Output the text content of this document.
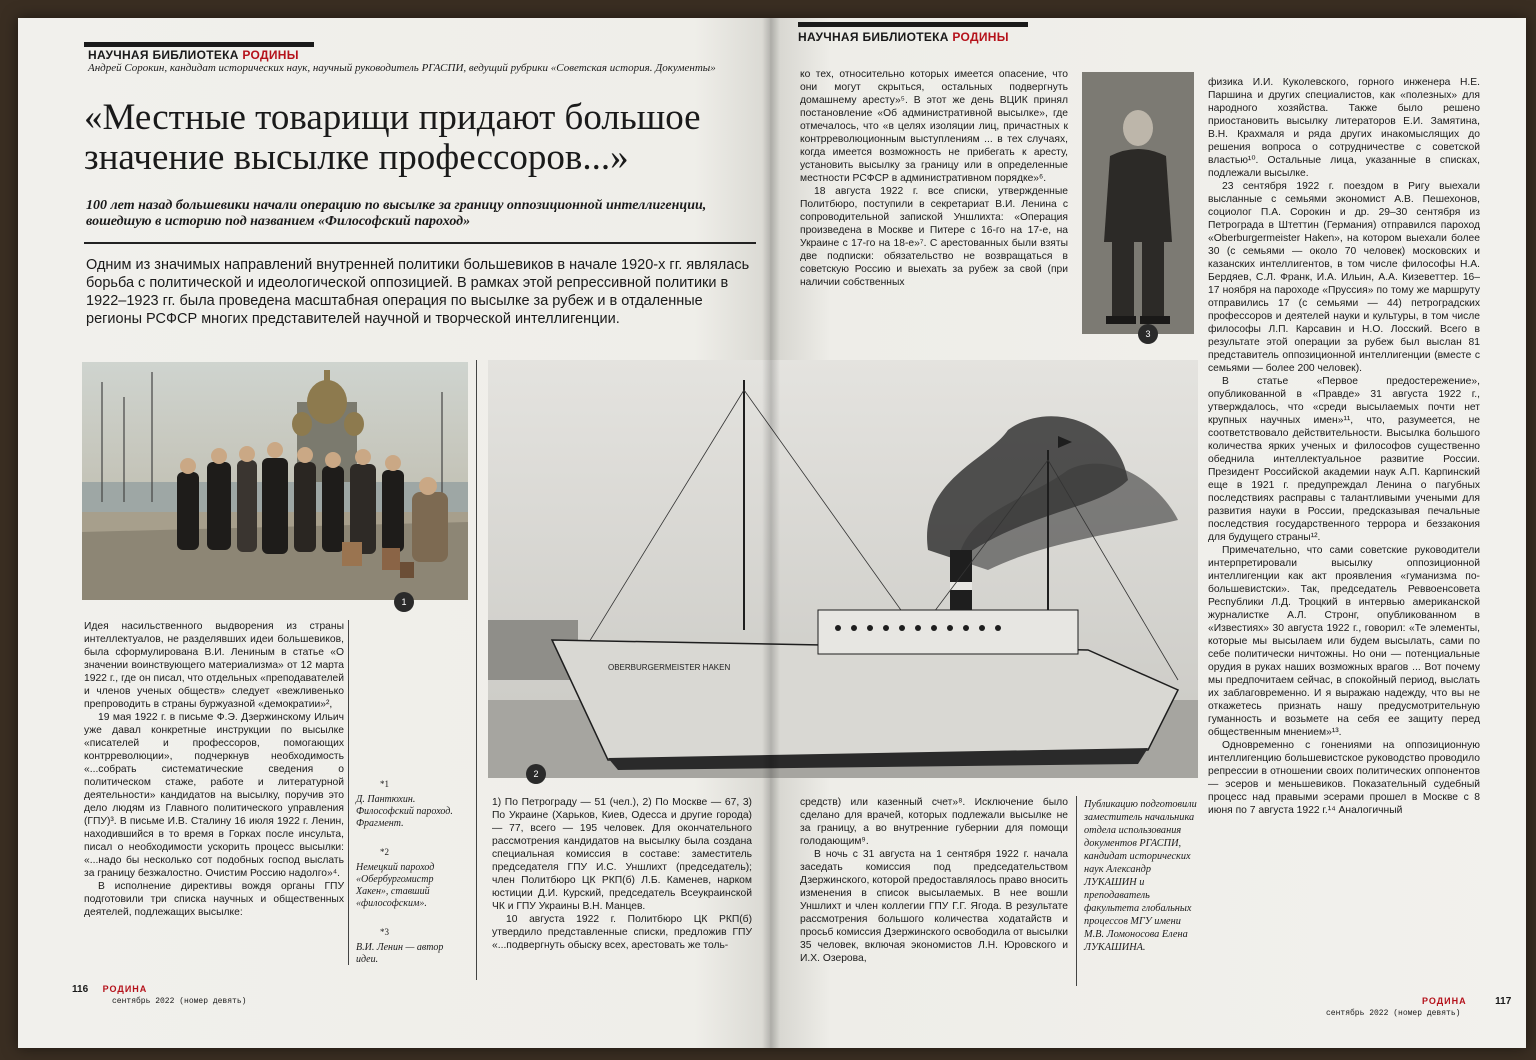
НАУЧНАЯ БИБЛИОТЕКА РОДИНЫ
Андрей Сорокин, кандидат исторических наук, научный руководитель РГАСПИ, ведущий рубрики «Советская история. Документы»
«Местные товарищи придают большое значение высылке профессоров...»
100 лет назад большевики начали операцию по высылке за границу оппозиционной интеллигенции, вошедшую в историю под названием «Философский пароход»
Одним из значимых направлений внутренней политики большевиков в начале 1920-х гг. являлась борьба с политической и идеологической оппозицией. В рамках этой репрессивной политики в 1922–1923 гг. была проведена масштабная операция по высылке за рубеж и в отдаленные регионы РСФСР многих представителей научной и творческой интеллигенции.
1

Идея насильственного выдворения из страны интеллектуалов, не разделявших идеи большевиков, была сформулирована В.И. Лениным в статье «О значении воинствующего материализма» от 12 марта 1922 г., где он писал, что отдельных «преподавателей и членов ученых обществ» следует «вежливенько препроводить в страны буржуазной «демократии»²,

19 мая 1922 г. в письме Ф.Э. Дзержинскому Ильич уже давал конкретные инструкции по высылке «писателей и профессоров, помогающих контрреволюции», подчеркнув необходимость «...собрать систематические сведения о политическом стаже, работе и литературной деятельности» кандидатов на высылку, поручив это дело людям из Главного политического управления (ГПУ)³. В письме И.В. Сталину 16 июля 1922 г. Ленин, находившийся в то время в Горках после инсульта, писал о необходимости ускорить процесс высылки: «...надо бы несколько сот подобных господ выслать за границу безжалостно. Очистим Россию надолго»⁴.

В исполнение директивы вождя органы ГПУ подготовили три списка научных и общественных деятелей, подлежащих высылке:

*1
Д. Пантюхин. Философский пароход. Фрагмент.
*2
Немецкий пароход «Обербургомистр Хакен», ставший «философским».
*3
В.И. Ленин — автор идеи.

1) По Петрограду — 51 (чел.), 2) По Москве — 67, 3) По Украине (Харьков, Киев, Одесса и другие города) — 77, всего — 195 человек. Для окончательного рассмотрения кандидатов на высылку была создана специальная комиссия в составе: заместитель председателя ГПУ И.С. Уншлихт (председатель); член Политбюро ЦК РКП(б) Л.Б. Каменев, нарком юстиции Д.И. Курский, председатель Всеукраинской ЧК и ГПУ Украины В.Н. Манцев.

10 августа 1922 г. Политбюро ЦК РКП(б) утвердило представленные списки, предложив ГПУ «...подвергнуть обыску всех, арестовать же толь-

116 РОДИНА
сентябрь 2022 (номер девять)
НАУЧНАЯ БИБЛИОТЕКА РОДИНЫ

ко тех, относительно которых имеется опасение, что они могут скрыться, остальных подвергнуть домашнему аресту»⁵. В этот же день ВЦИК принял постановление «Об административной высылке», где отмечалось, что «в целях изоляции лиц, причастных к контрреволюционным выступлениям ... в тех случаях, когда имеется возможность не прибегать к аресту, установить высылку за границу или в определенные местности РСФСР в административном порядке»⁶.

18 августа 1922 г. все списки, утвержденные Политбюро, поступили в секретариат В.И. Ленина с сопроводительной запиской Уншлихта: «Операция произведена в Москве и Питере с 16-го на 17-е, на Украине с 17-го на 18-е»⁷. С арестованных были взяты две подписки: обязательство не возвращаться в советскую Россию и выехать за рубеж за свой (при наличии собственных

3

физика И.И. Куколевского, горного инженера Н.Е. Паршина и других специалистов, как «полезных» для народного хозяйства. Также было решено приостановить высылку литераторов Е.И. Замятина, В.Н. Крахмаля и ряда других инакомыслящих до решения вопроса о сотрудничестве с советской властью¹⁰. Остальные лица, указанные в списках, подлежали высылке.

23 сентября 1922 г. поездом в Ригу выехали высланные с семьями экономист А.В. Пешехонов, социолог П.А. Сорокин и др. 29–30 сентября из Петрограда в Штеттин (Германия) отправился пароход «Oberburgermeister Haken», на котором выехали более 30 (с семьями — около 70 человек) московских и казанских интеллигентов, в том числе философы Н.А. Бердяев, С.Л. Франк, И.А. Ильин, А.А. Кизеветтер. 16–17 ноября на пароходе «Пруссия» по тому же маршруту отправились 17 (с семьями — 44) петроградских профессоров и деятелей науки и культуры, в том числе философы Л.П. Карсавин и Н.О. Лосский. Всего в результате этой операции за рубеж был выслан 81 представитель оппозиционной интеллигенции (вместе с семьями — более 200 человек).

В статье «Первое предостережение», опубликованной в «Правде» 31 августа 1922 г., утверждалось, что «среди высылаемых почти нет крупных научных имен»¹¹, что, разумеется, не соответствовало действительности. Высылка большого количества ярких ученых и философов существенно обеднила интеллектуальное развитие России. Президент Российской академии наук А.П. Карпинский еще в 1921 г. предупреждал Ленина о пагубных последствиях расправы с талантливыми учеными для развития науки в России, предсказывая печальные последствия государственного террора и беззакония для будущего страны¹².

Примечательно, что сами советские руководители интерпретировали высылку оппозиционной интеллигенции как акт проявления «гуманизма по-большевистски». Так, председатель Реввоенсовета Республики Л.Д. Троцкий в интервью американской журналистке А.Л. Стронг, опубликованном в «Известиях» 30 августа 1922 г., говорил: «Те элементы, которые мы высылаем или будем высылать, сами по себе политически ничтожны. Но они — потенциальные орудия в руках наших возможных врагов ... Вот почему мы предпочитаем сейчас, в спокойный период, выслать их заблаговременно. И я выражаю надежду, что вы не откажетесь признать нашу предусмотрительную гуманность и возьмете на себя ее защиту перед общественным мнением»¹³.

Одновременно с гонениями на оппозиционную интеллигенцию большевистское руководство проводило репрессии в отношении своих политических оппонентов — эсеров и меньшевиков. Показательный судебный процесс над правыми эсерами прошел в Москве с 8 июня по 7 августа 1922 г.¹⁴ Аналогичный

средств) или казенный счет»⁸. Исключение было сделано для врачей, которых подлежали высылке не за границу, а во внутренние губернии для помощи голодающим⁹.

В ночь с 31 августа на 1 сентября 1922 г. начала заседать комиссия под председательством Дзержинского, которой предоставлялось право вносить изменения в список высылаемых. В нее вошли Уншлихт и член коллегии ГПУ Г.Г. Ягода. В результате рассмотрения большого количества ходатайств и просьб комиссия Дзержинского освободила от высылки 35 человек, включая экономистов Л.Н. Юровского и И.Х. Озерова,

Публикацию подготовили заместитель начальника отдела использования документов РГАСПИ, кандидат исторических наук Александр ЛУКАШИН и преподаватель факультета глобальных процессов МГУ имени М.В. Ломоносова Елена ЛУКАШИНА.
РОДИНА	117
сентябрь 2022 (номер девять)
OBERBURGERMEISTER HAKEN
2
